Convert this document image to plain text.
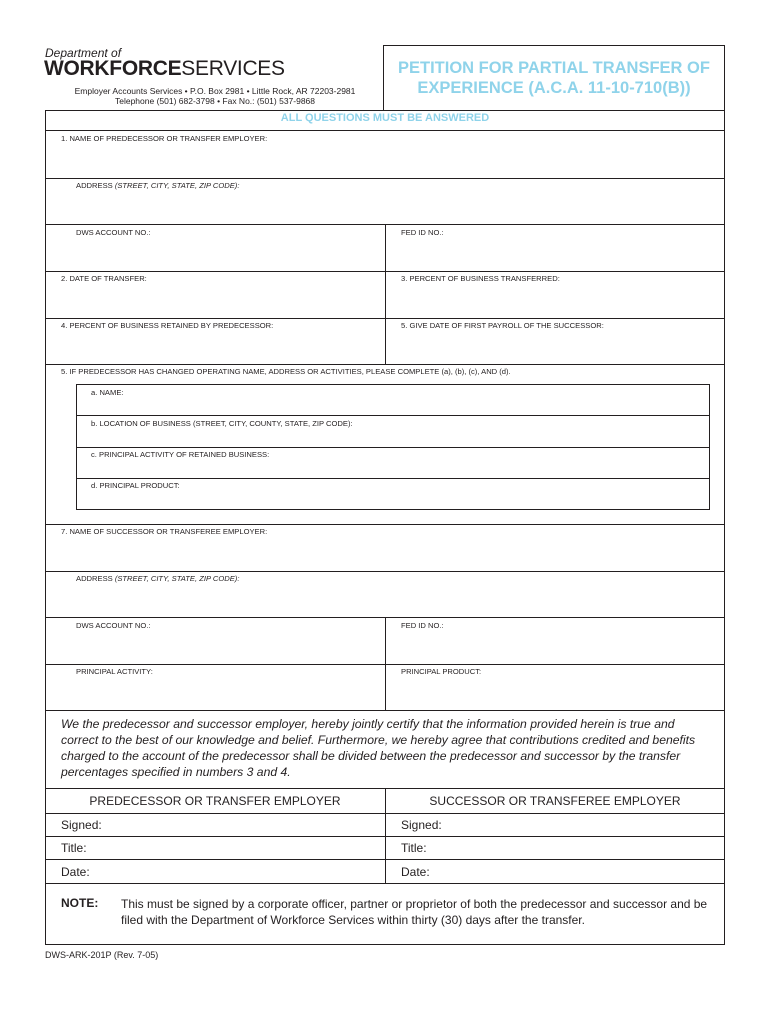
Department of
WORKFORCESERVICES
Employer Accounts Services • P.O. Box 2981 • Little Rock, AR 72203-2981
Telephone (501) 682-3798 • Fax No.: (501) 537-9868
PETITION FOR PARTIAL TRANSFER OF
EXPERIENCE (A.C.A. 11-10-710(B))
ALL QUESTIONS MUST BE ANSWERED
1. NAME OF PREDECESSOR OR TRANSFER EMPLOYER:
ADDRESS (STREET, CITY, STATE, ZIP CODE):
DWS ACCOUNT NO.:	FED ID NO.:
2. DATE OF TRANSFER:	3. PERCENT OF BUSINESS TRANSFERRED:
4. PERCENT OF BUSINESS RETAINED BY PREDECESSOR:	5. GIVE DATE OF FIRST PAYROLL OF THE SUCCESSOR:
5. IF PREDECESSOR HAS CHANGED OPERATING NAME, ADDRESS OR ACTIVITIES, PLEASE COMPLETE (a), (b), (c), AND (d).
a. NAME:
b. LOCATION OF BUSINESS (STREET, CITY, COUNTY, STATE, ZIP CODE):
c. PRINCIPAL ACTIVITY OF RETAINED BUSINESS:
d. PRINCIPAL PRODUCT:
7. NAME OF SUCCESSOR OR TRANSFEREE EMPLOYER:
ADDRESS (STREET, CITY, STATE, ZIP CODE):
DWS ACCOUNT NO.:	FED ID NO.:
PRINCIPAL ACTIVITY:	PRINCIPAL PRODUCT:
We the predecessor and successor employer, hereby jointly certify that the information provided herein is true and correct to the best of our knowledge and belief. Furthermore, we hereby agree that contributions credited and benefits charged to the account of the predecessor shall be divided between the predecessor and successor by the transfer percentages specified in numbers 3 and 4.
PREDECESSOR OR TRANSFER EMPLOYER	SUCCESSOR OR TRANSFEREE EMPLOYER
Signed:	Signed:
Title:	Title:
Date:	Date:
NOTE: This must be signed by a corporate officer, partner or proprietor of both the predecessor and successor and be filed with the Department of Workforce Services within thirty (30) days after the transfer.
DWS-ARK-201P (Rev. 7-05)
